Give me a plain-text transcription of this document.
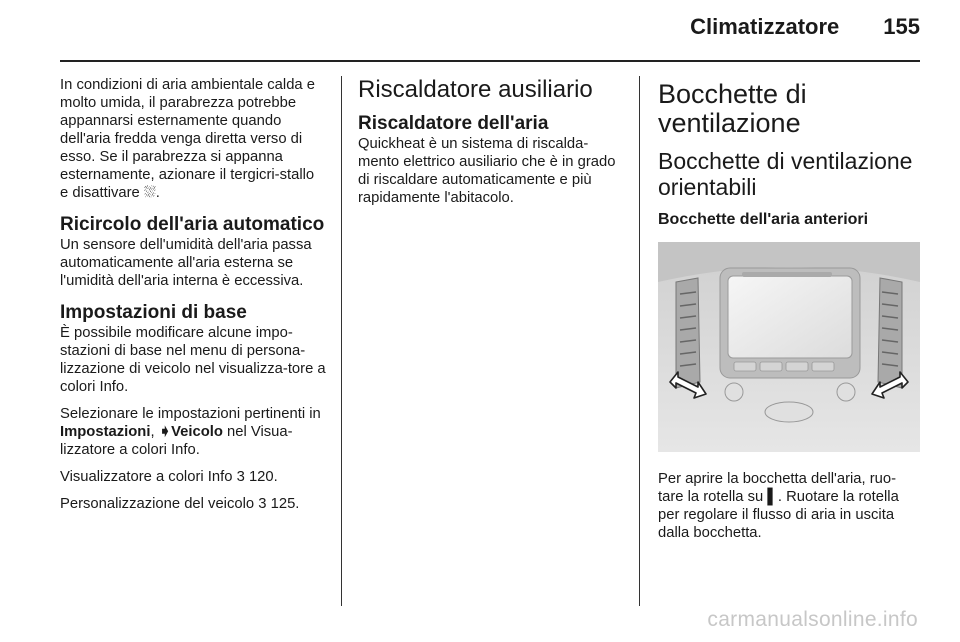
Climatizzatore 155

In condizioni di aria ambientale calda e molto umida, il parabrezza potrebbe appannarsi esternamente quando dell'aria fredda venga diretta verso di esso. Se il parabrezza si appanna esternamente, azionare il tergicri-stallo e disattivare ⛆.

Ricircolo dell'aria automatico

Un sensore dell'umidità dell'aria passa automaticamente all'aria esterna se l'umidità dell'aria interna è eccessiva.

Impostazioni di base

È possibile modificare alcune impo-stazioni di base nel menu di persona-lizzazione di veicolo nel visualizza-tore a colori Info.

Selezionare le impostazioni pertinenti in Impostazioni, ➧Veicolo nel Visua-lizzatore a colori Info.

Visualizzatore a colori Info 3 120.

Personalizzazione del veicolo 3 125.

Riscaldatore ausiliario
Riscaldatore dell'aria

Quickheat è un sistema di riscalda-mento elettrico ausiliario che è in grado di riscaldare automaticamente e più rapidamente l'abitacolo.

Bocchette di ventilazione
Bocchette di ventilazione orientabili
Bocchette dell'aria anteriori

Per aprire la bocchetta dell'aria, ruo-tare la rotella su ▌. Ruotare la rotella per regolare il flusso di aria in uscita dalla bocchetta.

carmanualsonline.info
